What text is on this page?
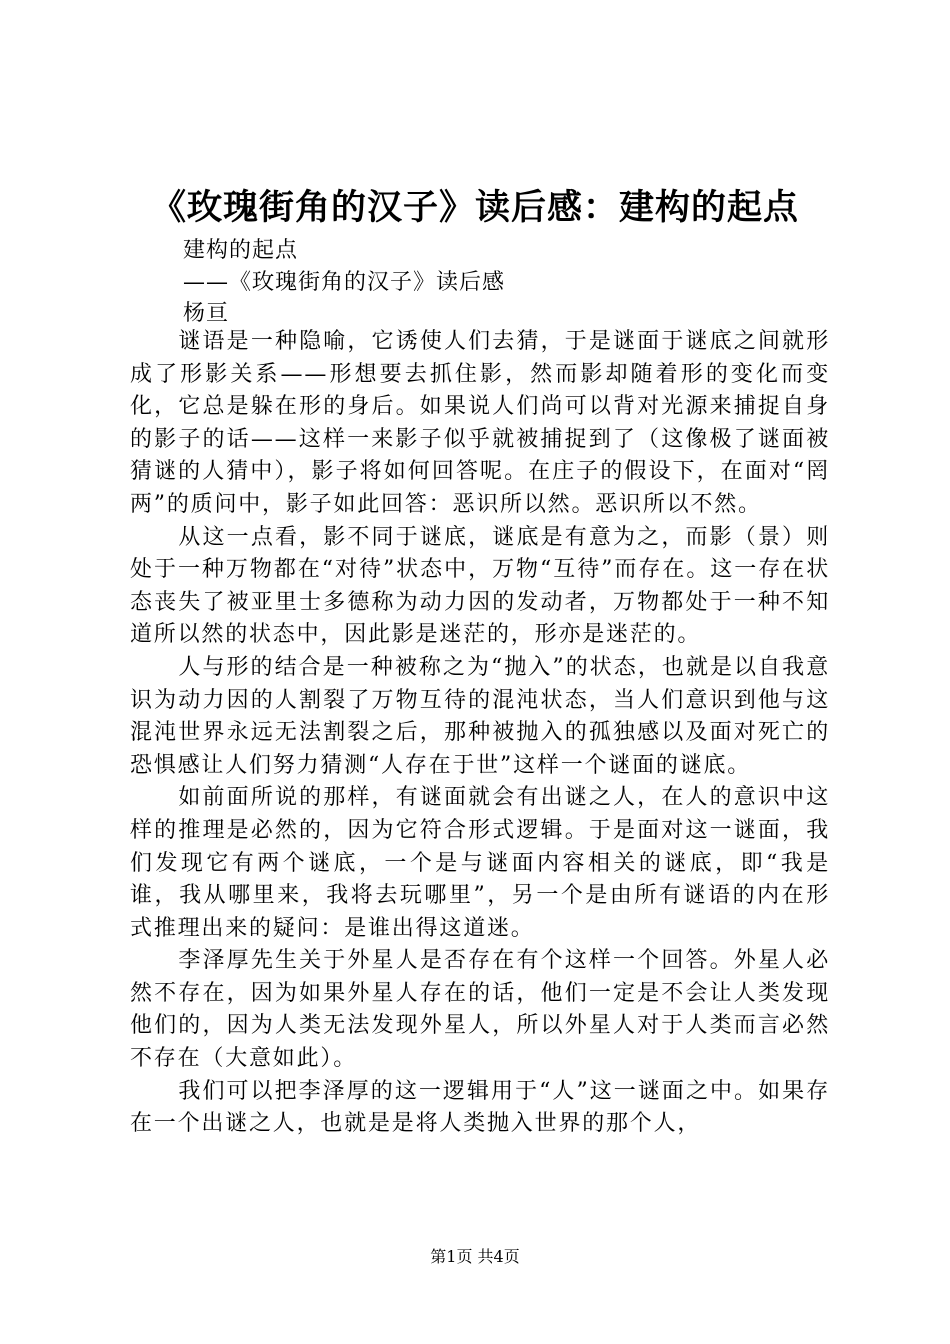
《玫瑰街角的汉子》读后感：建构的起点
建构的起点
——《玫瑰街角的汉子》读后感
杨亘

谜语是一种隐喻，它诱使人们去猜，于是谜面于谜底之间就形成了形影关系——形想要去抓住影，然而影却随着形的变化而变化，它总是躲在形的身后。如果说人们尚可以背对光源来捕捉自身的影子的话——这样一来影子似乎就被捕捉到了（这像极了谜面被猜谜的人猜中），影子将如何回答呢。在庄子的假设下，在面对“罔两”的质问中，影子如此回答：恶识所以然。恶识所以不然。

从这一点看，影不同于谜底，谜底是有意为之，而影（景）则处于一种万物都在“对待”状态中，万物“互待”而存在。这一存在状态丧失了被亚里士多德称为动力因的发动者，万物都处于一种不知道所以然的状态中，因此影是迷茫的，形亦是迷茫的。

人与形的结合是一种被称之为“抛入”的状态，也就是以自我意识为动力因的人割裂了万物互待的混沌状态，当人们意识到他与这混沌世界永远无法割裂之后，那种被抛入的孤独感以及面对死亡的恐惧感让人们努力猜测“人存在于世”这样一个谜面的谜底。

如前面所说的那样，有谜面就会有出谜之人，在人的意识中这样的推理是必然的，因为它符合形式逻辑。于是面对这一谜面，我们发现它有两个谜底，一个是与谜面内容相关的谜底，即“我是谁，我从哪里来，我将去玩哪里”，另一个是由所有谜语的内在形式推理出来的疑问：是谁出得这道迷。

李泽厚先生关于外星人是否存在有个这样一个回答。外星人必然不存在，因为如果外星人存在的话，他们一定是不会让人类发现他们的，因为人类无法发现外星人，所以外星人对于人类而言必然不存在（大意如此）。

我们可以把李泽厚的这一逻辑用于“人”这一谜面之中。如果存在一个出谜之人，也就是是将人类抛入世界的那个人，

第1页 共4页
